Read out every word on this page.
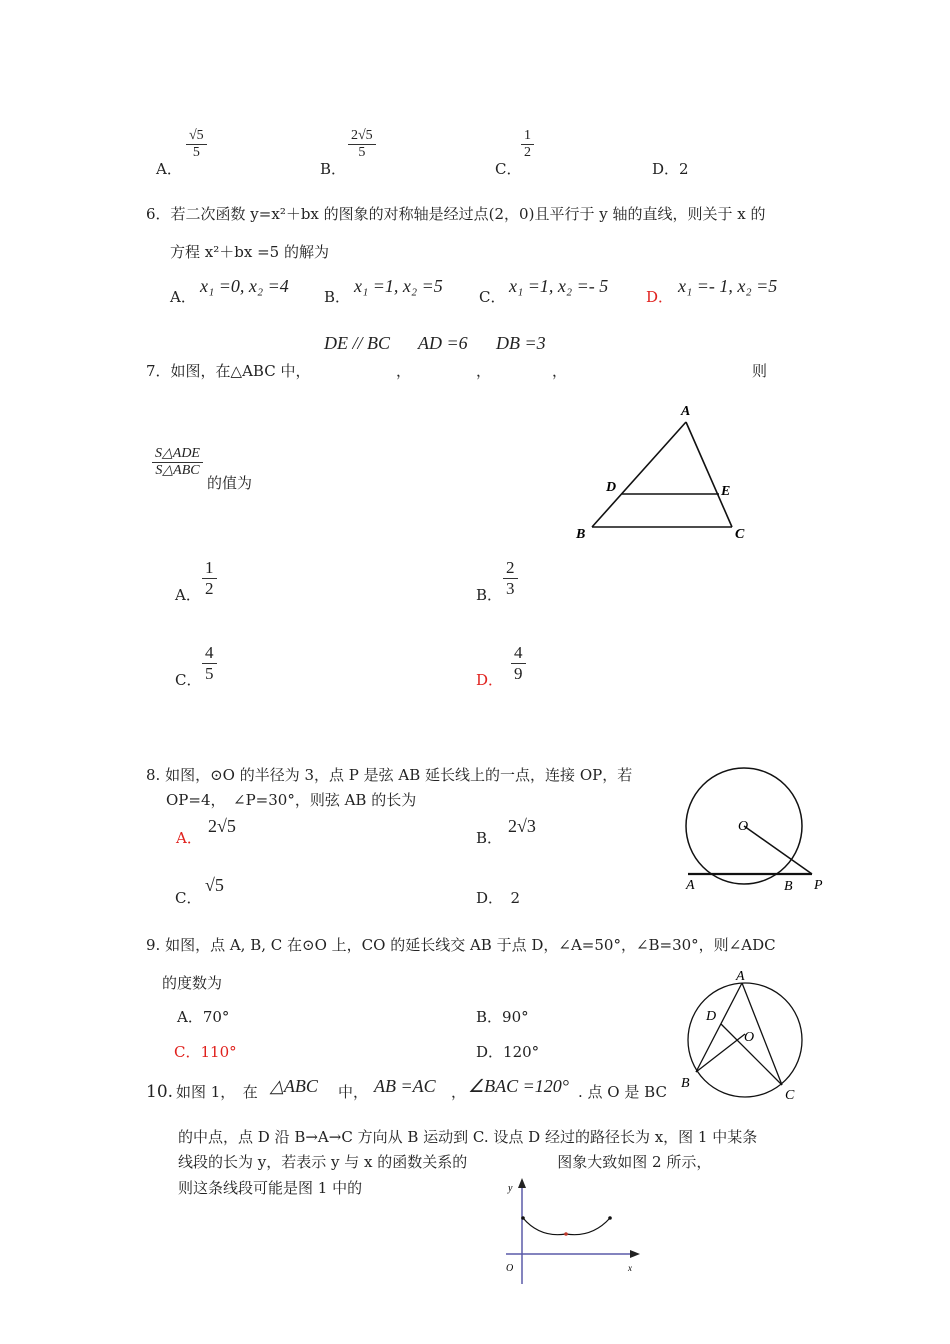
A．
$\frac{√5}{5}$
B．
$\frac{2√5}{5}$
C．
$\frac{1}{2}$
D．2
6．若二次函数 y=x²＋bx 的图象的对称轴是经过点(2，0)且平行于 y 轴的直线，则关于 x 的
方程 x²＋bx =5 的解为
A．
x₁ =0, x₂ =4
B．
x₁ =1, x₂ =5
C．
x₁ =1, x₂ =- 5
D．
x₁ =- 1, x₂ =5
DE // BC AD =6 DB =3
7．如图，在△ABC 中，	，	，	，	则
S△ADE
S△ABC
的值为
A
D	E
B	C
A． $\frac{1}{2}$	B． $\frac{2}{3}$
C． $\frac{4}{5}$	D． $\frac{4}{9}$
8. 如图，⊙O 的半径为 3，点 P 是弦 AB 延长线上的一点，连接 OP，若
OP=4，　∠P=30°，则弦 AB 的长为
A．
2√5
B．
2√3
C．
√5
D．　2
O
A	B P
9. 如图，点 A, B, C 在⊙O 上，CO 的延长线交 AB 于点 D，∠A=50°，∠B=30°，则∠ADC
的度数为
A．70°	B．90°
C．110°	D．120°
A
D
O
B
C
10. 如图 1，　在 △ABC 中， AB =AC ， ∠BAC =120° . 点 O 是 BC
的中点，点 D 沿 B→A→C 方向从 B 运动到 C. 设点 D 经过的路径长为 x，图 1 中某条
线段的长为 y，若表示 y 与 x 的函数关系的　　　　　　图象大致如图 2 所示，
则这条线段可能是图 1 中的	y
x
O
